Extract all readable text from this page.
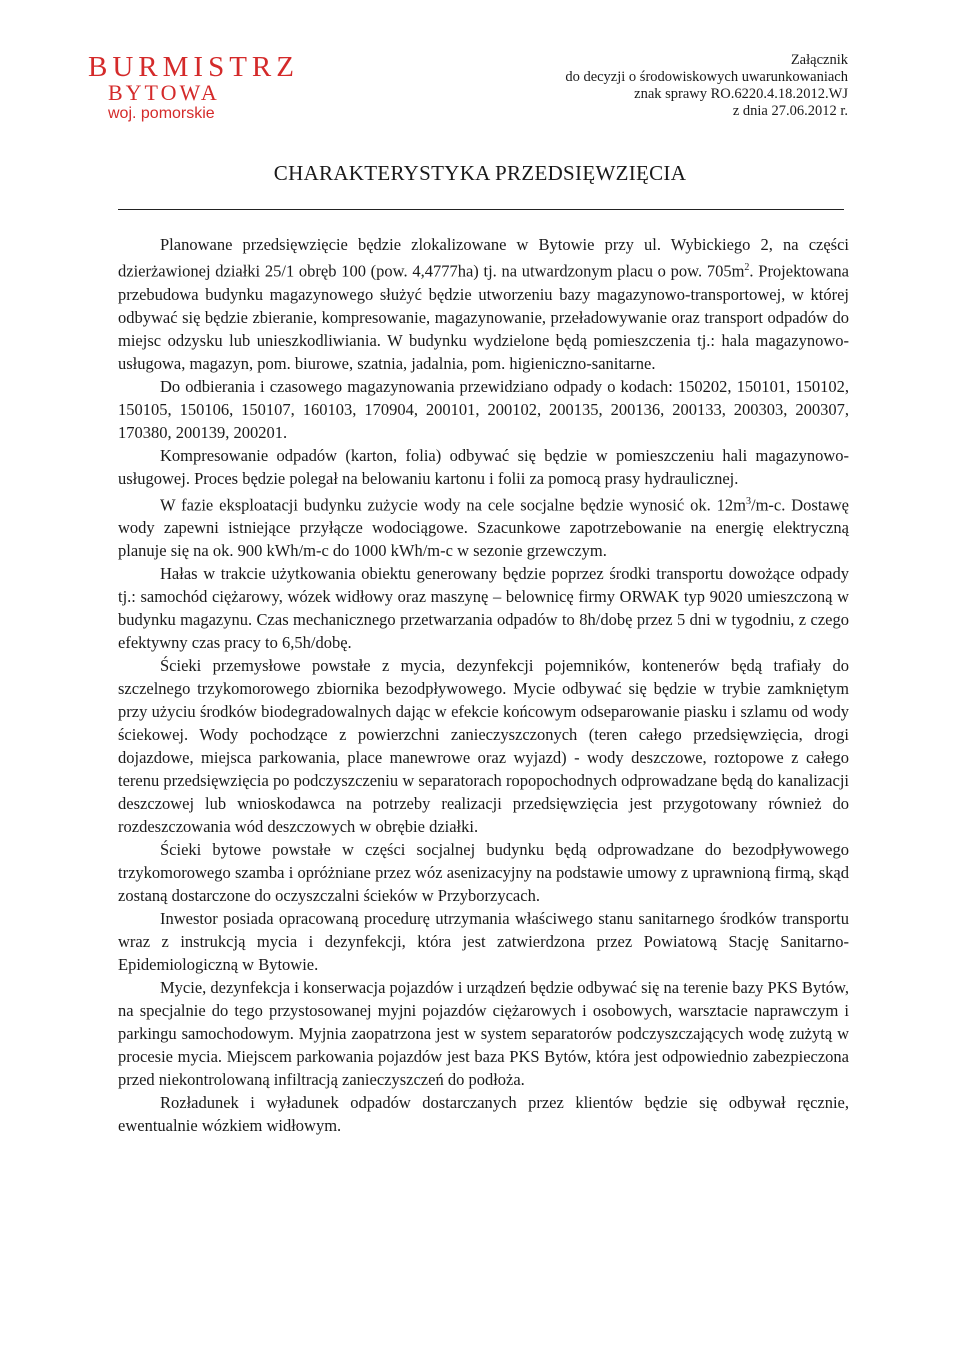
BURMISTRZ
BYTOWA
woj. pomorskie
Załącznik
do decyzji o środowiskowych uwarunkowaniach
znak sprawy RO.6220.4.18.2012.WJ
z dnia 27.06.2012 r.
CHARAKTERYSTYKA PRZEDSIĘWZIĘCIA

Planowane przedsięwzięcie będzie zlokalizowane w Bytowie przy ul. Wybickiego 2, na części dzierżawionej działki 25/1 obręb 100 (pow. 4,4777ha) tj. na utwardzonym placu o pow. $705m^2$. Projektowana przebudowa budynku magazynowego służyć będzie utworzeniu bazy magazynowo-transportowej, w której odbywać się będzie zbieranie, kompresowanie, magazynowanie, przeładowywanie oraz transport odpadów do miejsc odzysku lub unieszkodliwiania. W budynku wydzielone będą pomieszczenia tj.: hala magazynowo-usługowa, magazyn, pom. biurowe, szatnia, jadalnia, pom. higieniczno-sanitarne.

Do odbierania i czasowego magazynowania przewidziano odpady o kodach: 150202, 150101, 150102, 150105, 150106, 150107, 160103, 170904, 200101, 200102, 200135, 200136, 200133, 200303, 200307, 170380, 200139, 200201.

Kompresowanie odpadów (karton, folia) odbywać się będzie w pomieszczeniu hali magazynowo-usługowej. Proces będzie polegał na belowaniu kartonu i folii za pomocą prasy hydraulicznej.

W fazie eksploatacji budynku zużycie wody na cele socjalne będzie wynosić ok. $12m^3/m-c$. Dostawę wody zapewni istniejące przyłącze wodociągowe. Szacunkowe zapotrzebowanie na energię elektryczną planuje się na ok. 900 kWh/m-c do 1000 kWh/m-c w sezonie grzewczym.

Hałas w trakcie użytkowania obiektu generowany będzie poprzez środki transportu dowożące odpady tj.: samochód ciężarowy, wózek widłowy oraz maszynę – belownicę firmy ORWAK typ 9020 umieszczoną w budynku magazynu. Czas mechanicznego przetwarzania odpadów to 8h/dobę przez 5 dni w tygodniu, z czego efektywny czas pracy to 6,5h/dobę.

Ścieki przemysłowe powstałe z mycia, dezynfekcji pojemników, kontenerów będą trafiały do szczelnego trzykomorowego zbiornika bezodpływowego. Mycie odbywać się będzie w trybie zamkniętym przy użyciu środków biodegradowalnych dając w efekcie końcowym odseparowanie piasku i szlamu od wody ściekowej. Wody pochodzące z powierzchni zanieczyszczonych (teren całego przedsięwzięcia, drogi dojazdowe, miejsca parkowania, place manewrowe oraz wyjazd) - wody deszczowe, roztopowe z całego terenu przedsięwzięcia po podczyszczeniu w separatorach ropopochodnych odprowadzane będą do kanalizacji deszczowej lub wnioskodawca na potrzeby realizacji przedsięwzięcia jest przygotowany również do rozdeszczowania wód deszczowych w obrębie działki.

Ścieki bytowe powstałe w części socjalnej budynku będą odprowadzane do bezodpływowego trzykomorowego szamba i opróżniane przez wóz asenizacyjny na podstawie umowy z uprawnioną firmą, skąd zostaną dostarczone do oczyszczalni ścieków w Przyborzycach.

Inwestor posiada opracowaną procedurę utrzymania właściwego stanu sanitarnego środków transportu wraz z instrukcją mycia i dezynfekcji, która jest zatwierdzona przez Powiatową Stację Sanitarno-Epidemiologiczną w Bytowie.

Mycie, dezynfekcja i konserwacja pojazdów i urządzeń będzie odbywać się na terenie bazy PKS Bytów, na specjalnie do tego przystosowanej myjni pojazdów ciężarowych i osobowych, warsztacie naprawczym i parkingu samochodowym. Myjnia zaopatrzona jest w system separatorów podczyszczających wodę zużytą w procesie mycia. Miejscem parkowania pojazdów jest baza PKS Bytów, która jest odpowiednio zabezpieczona przed niekontrolowaną infiltracją zanieczyszczeń do podłoża.

Rozładunek i wyładunek odpadów dostarczanych przez klientów będzie się odbywał ręcznie, ewentualnie wózkiem widłowym.
